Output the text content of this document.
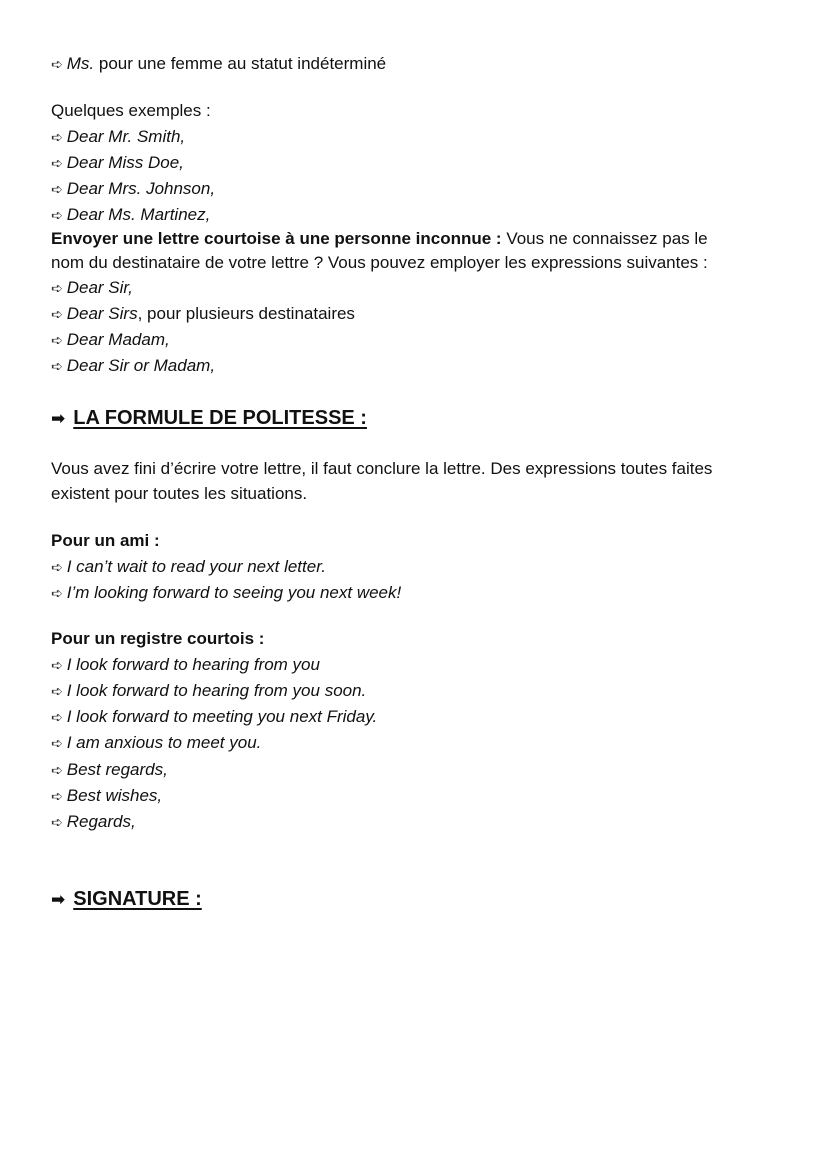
➪ Ms. pour une femme au statut indéterminé
Quelques exemples :
➪ Dear Mr. Smith,
➪ Dear Miss Doe,
➪ Dear Mrs. Johnson,
➪ Dear Ms. Martinez,
Envoyer une lettre courtoise à une personne inconnue : Vous ne connaissez pas le
nom du destinataire de votre lettre ? Vous pouvez employer les expressions suivantes :
➪ Dear Sir,
➪ Dear Sirs, pour plusieurs destinataires
➪ Dear Madam,
➪ Dear Sir or Madam,
➡ LA FORMULE DE POLITESSE :
Vous avez fini d’écrire votre lettre, il faut conclure la lettre. Des expressions toutes faites
existent pour toutes les situations.
Pour un ami :
➪ I can’t wait to read your next letter.
➪ I’m looking forward to seeing you next week!
Pour un registre courtois :
➪ I look forward to hearing from you
➪ I look forward to hearing from you soon.
➪ I look forward to meeting you next Friday.
➪ I am anxious to meet you.
➪ Best regards,
➪ Best wishes,
➪ Regards,
➡ SIGNATURE :
